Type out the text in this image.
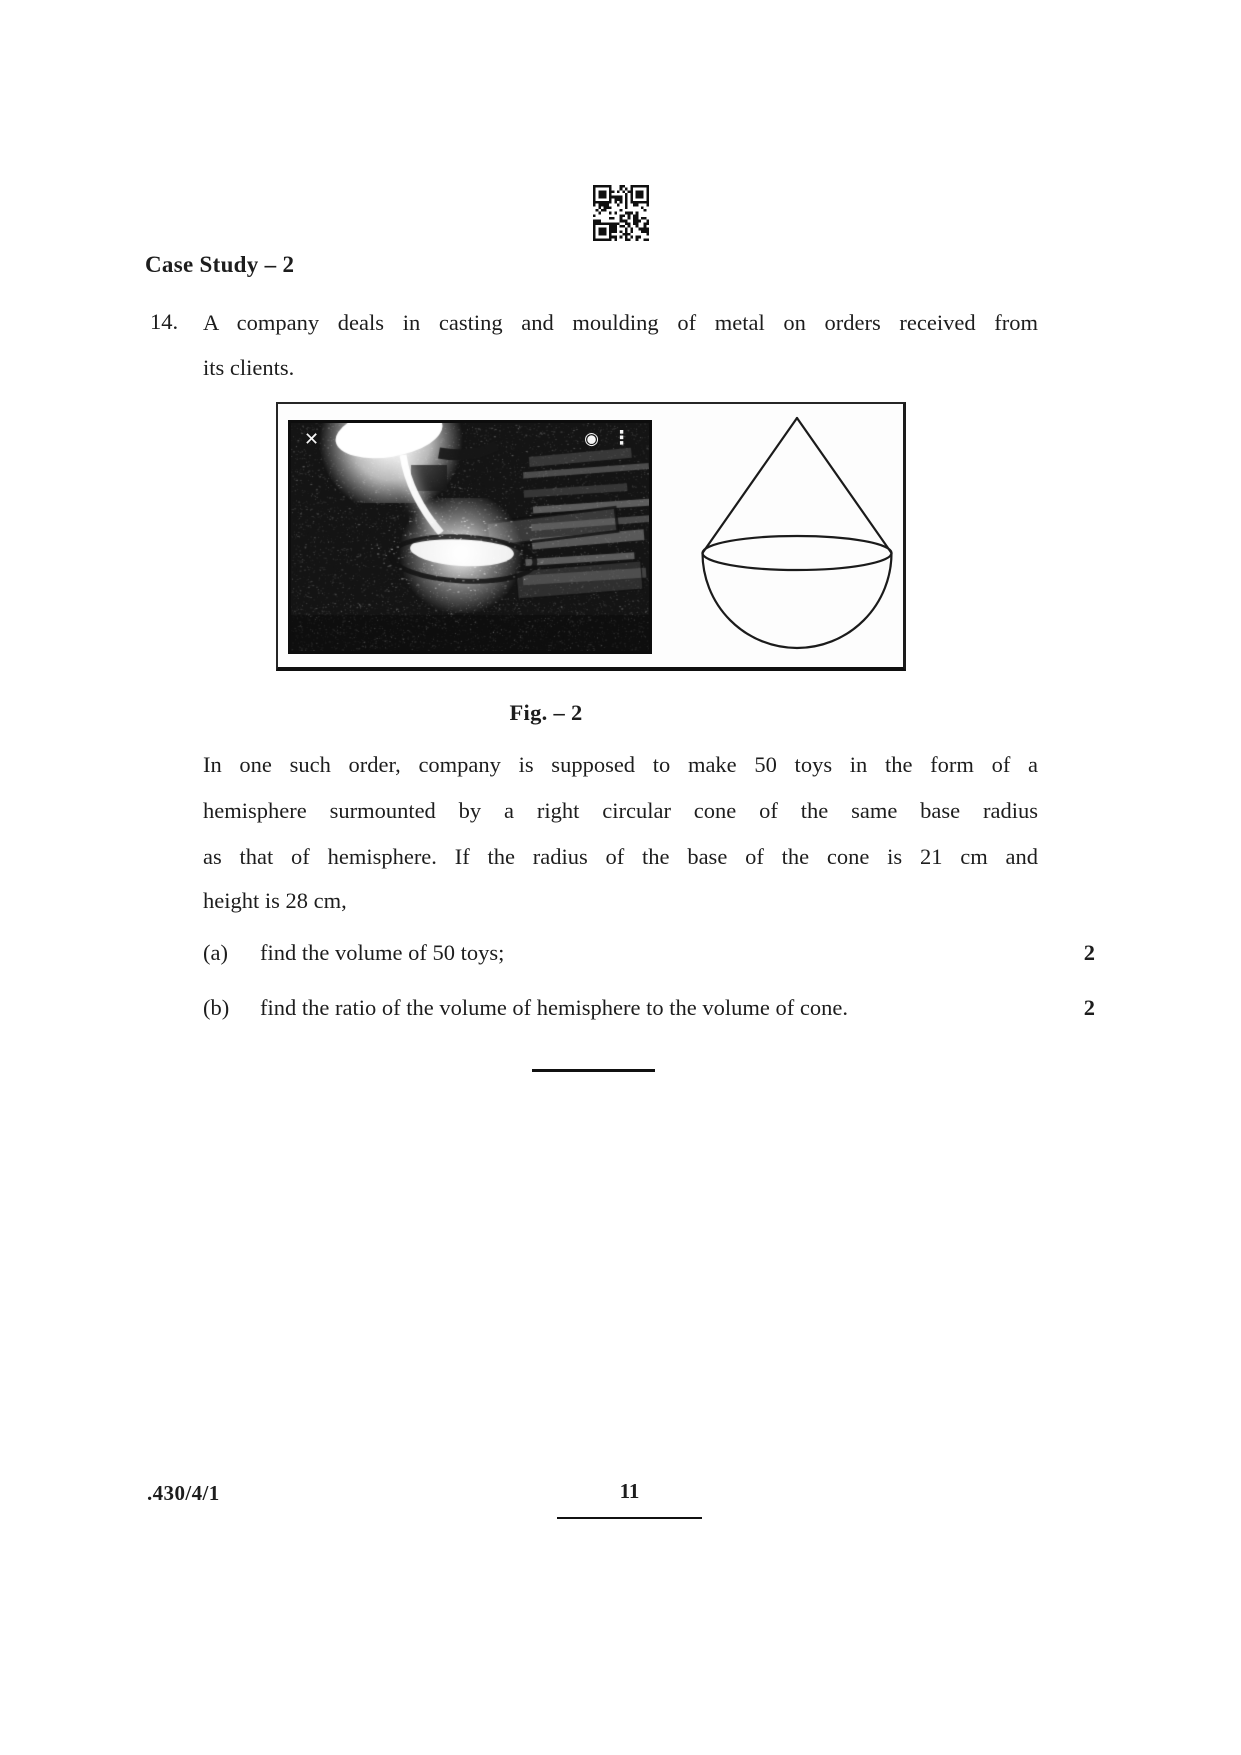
Case Study – 2
14. A company deals in casting and moulding of metal on orders received from
its clients.
✕	◉ ⋮
Fig. – 2
In one such order, company is supposed to make 50 toys in the form of a
hemisphere surmounted by a right circular cone of the same base radius
as that of hemisphere. If the radius of the base of the cone is 21 cm and
height is 28 cm,
(a) find the volume of 50 toys;	2
(b) find the ratio of the volume of hemisphere to the volume of cone.	2
.430/4/1	11
